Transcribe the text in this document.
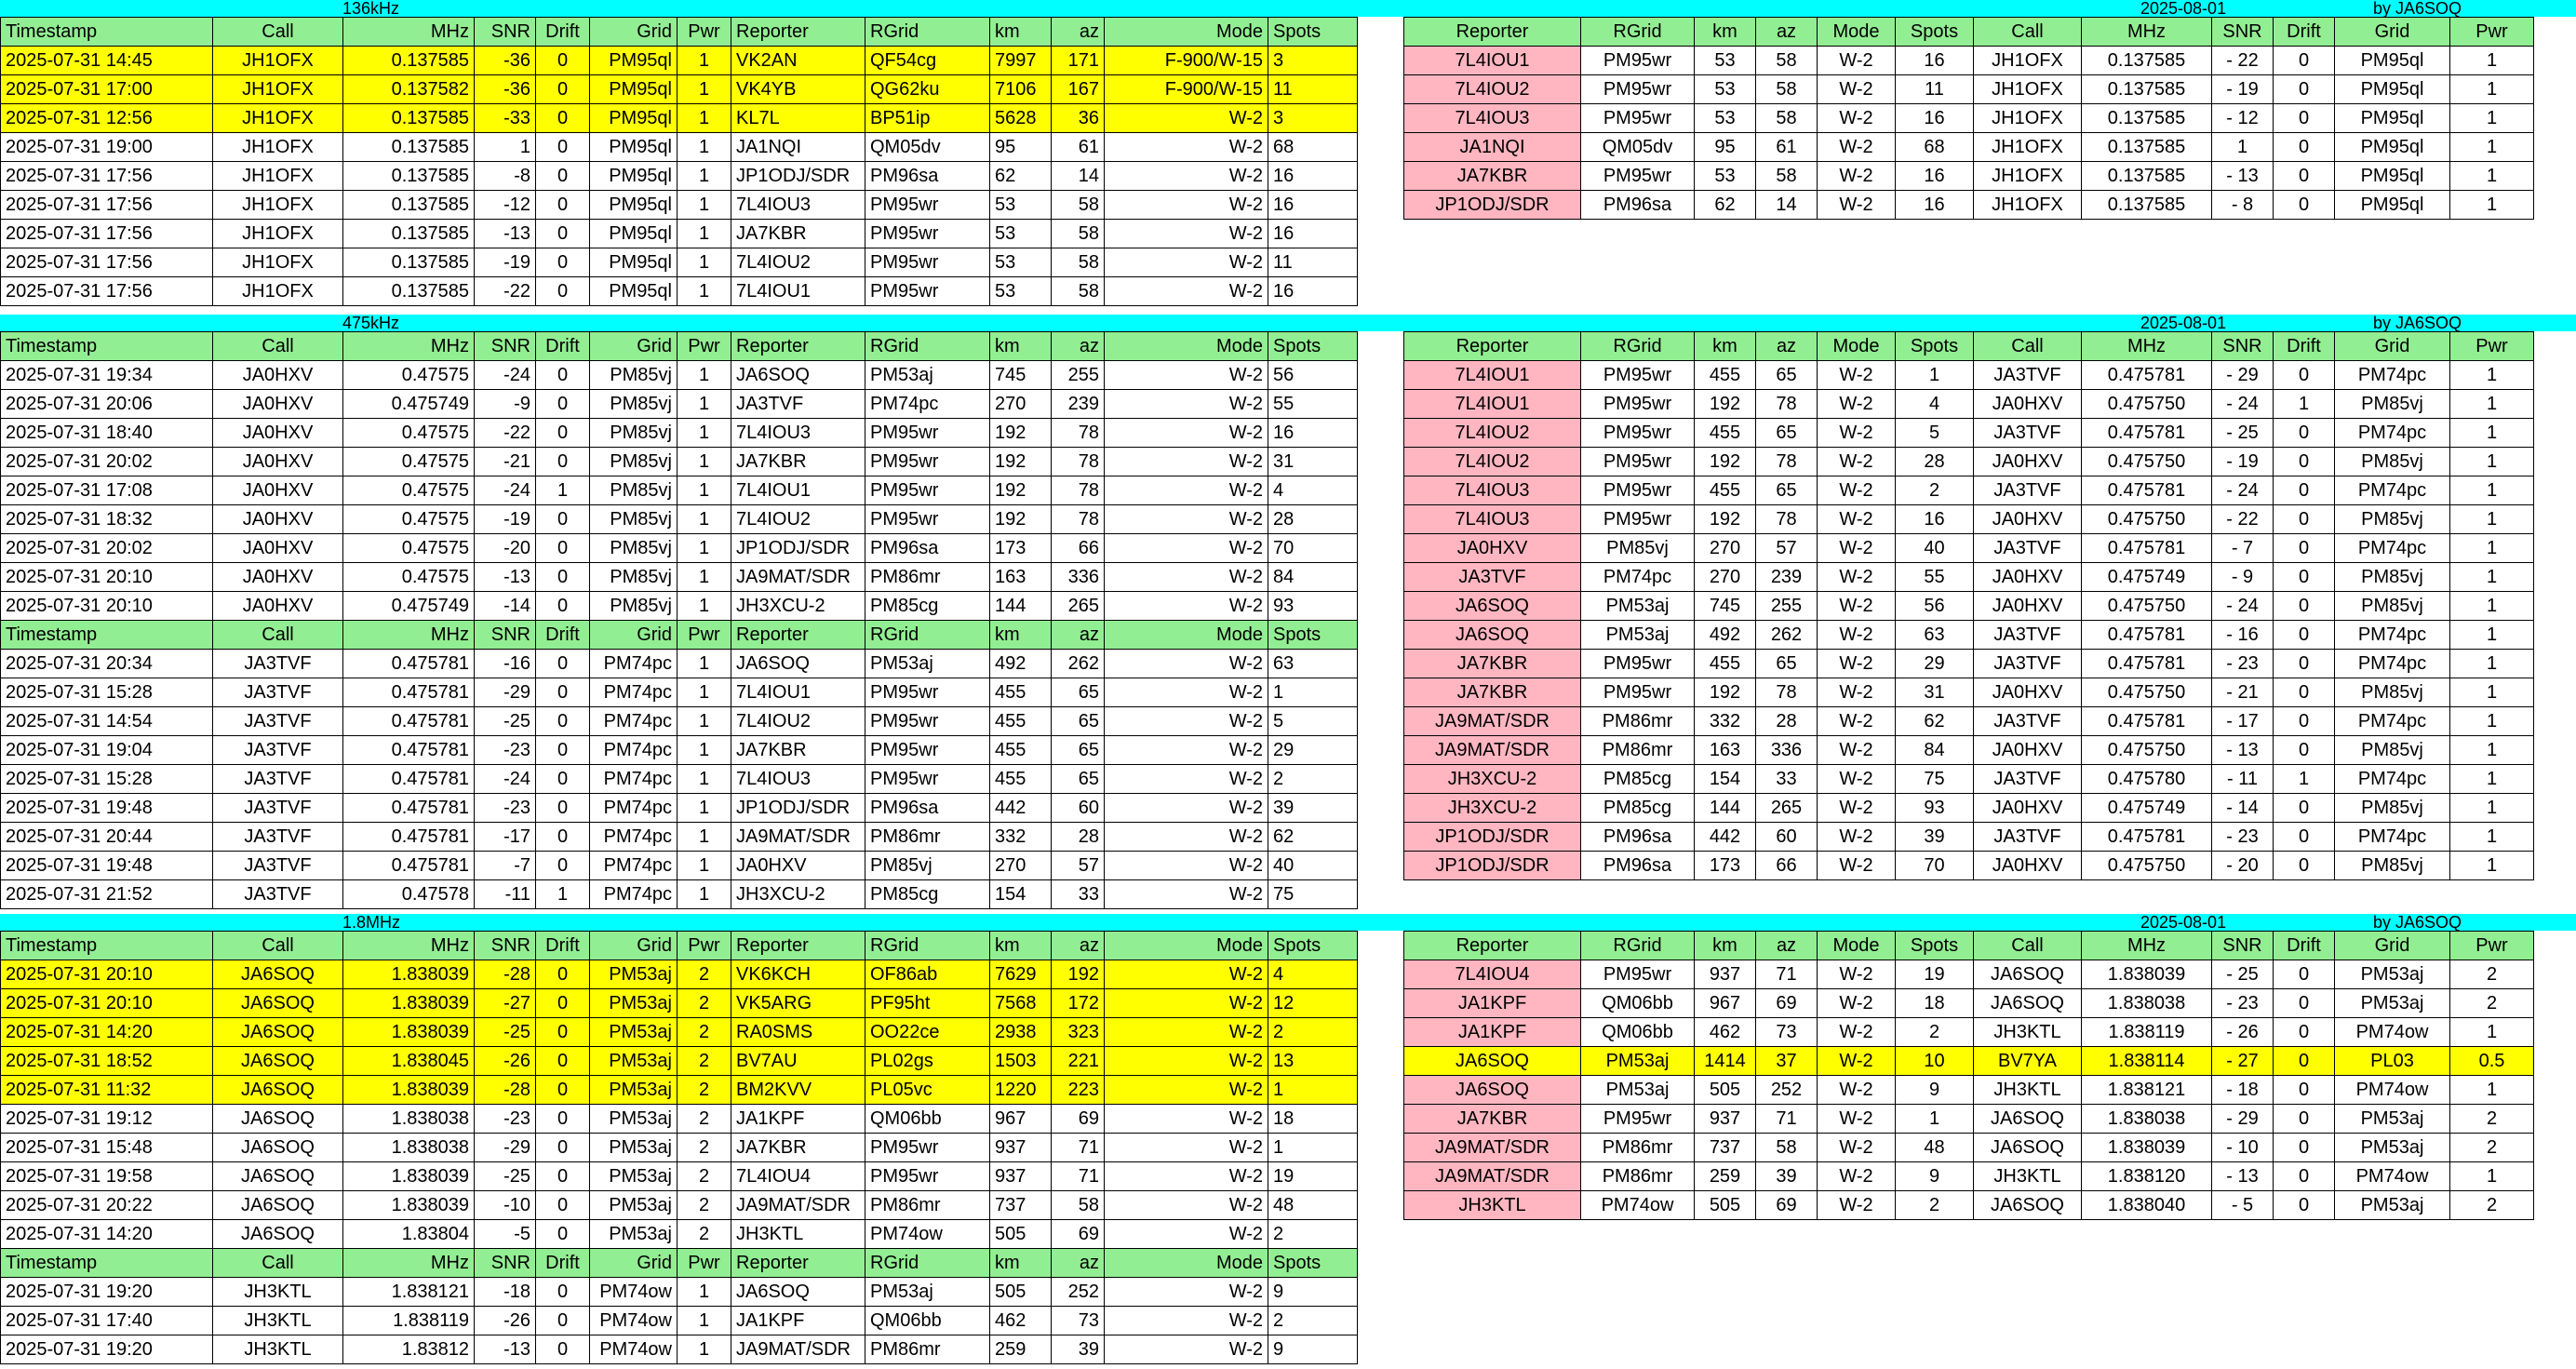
136kHz	2025-08-01	by JA6SOQ
Timestamp	Call	MHz	SNR	Drift	Grid	Pwr	Reporter	RGrid	km	az	Mode	Spots
2025-07-31 14:45	JH1OFX	0.137585	-36	0	PM95ql	1	VK2AN	QF54cg	7997	171	F-900/W-15	3
2025-07-31 17:00	JH1OFX	0.137582	-36	0	PM95ql	1	VK4YB	QG62ku	7106	167	F-900/W-15	11
2025-07-31 12:56	JH1OFX	0.137585	-33	0	PM95ql	1	KL7L	BP51ip	5628	36	W-2	3
2025-07-31 19:00	JH1OFX	0.137585	1	0	PM95ql	1	JA1NQI	QM05dv	95	61	W-2	68
2025-07-31 17:56	JH1OFX	0.137585	-8	0	PM95ql	1	JP1ODJ/SDR	PM96sa	62	14	W-2	16
2025-07-31 17:56	JH1OFX	0.137585	-12	0	PM95ql	1	7L4IOU3	PM95wr	53	58	W-2	16
2025-07-31 17:56	JH1OFX	0.137585	-13	0	PM95ql	1	JA7KBR	PM95wr	53	58	W-2	16
2025-07-31 17:56	JH1OFX	0.137585	-19	0	PM95ql	1	7L4IOU2	PM95wr	53	58	W-2	11
2025-07-31 17:56	JH1OFX	0.137585	-22	0	PM95ql	1	7L4IOU1	PM95wr	53	58	W-2	16
Reporter	RGrid	km	az	Mode	Spots	Call	MHz	SNR	Drift	Grid	Pwr
7L4IOU1	PM95wr	53	58	W-2	16	JH1OFX	0.137585	- 22	0	PM95ql	1
7L4IOU2	PM95wr	53	58	W-2	11	JH1OFX	0.137585	- 19	0	PM95ql	1
7L4IOU3	PM95wr	53	58	W-2	16	JH1OFX	0.137585	- 12	0	PM95ql	1
JA1NQI	QM05dv	95	61	W-2	68	JH1OFX	0.137585	1	0	PM95ql	1
JA7KBR	PM95wr	53	58	W-2	16	JH1OFX	0.137585	- 13	0	PM95ql	1
JP1ODJ/SDR	PM96sa	62	14	W-2	16	JH1OFX	0.137585	- 8	0	PM95ql	1
475kHz	2025-08-01	by JA6SOQ
Timestamp	Call	MHz	SNR	Drift	Grid	Pwr	Reporter	RGrid	km	az	Mode	Spots
2025-07-31 19:34	JA0HXV	0.47575	-24	0	PM85vj	1	JA6SOQ	PM53aj	745	255	W-2	56
2025-07-31 20:06	JA0HXV	0.475749	-9	0	PM85vj	1	JA3TVF	PM74pc	270	239	W-2	55
2025-07-31 18:40	JA0HXV	0.47575	-22	0	PM85vj	1	7L4IOU3	PM95wr	192	78	W-2	16
2025-07-31 20:02	JA0HXV	0.47575	-21	0	PM85vj	1	JA7KBR	PM95wr	192	78	W-2	31
2025-07-31 17:08	JA0HXV	0.47575	-24	1	PM85vj	1	7L4IOU1	PM95wr	192	78	W-2	4
2025-07-31 18:32	JA0HXV	0.47575	-19	0	PM85vj	1	7L4IOU2	PM95wr	192	78	W-2	28
2025-07-31 20:02	JA0HXV	0.47575	-20	0	PM85vj	1	JP1ODJ/SDR	PM96sa	173	66	W-2	70
2025-07-31 20:10	JA0HXV	0.47575	-13	0	PM85vj	1	JA9MAT/SDR	PM86mr	163	336	W-2	84
2025-07-31 20:10	JA0HXV	0.475749	-14	0	PM85vj	1	JH3XCU-2	PM85cg	144	265	W-2	93
Timestamp	Call	MHz	SNR	Drift	Grid	Pwr	Reporter	RGrid	km	az	Mode	Spots
2025-07-31 20:34	JA3TVF	0.475781	-16	0	PM74pc	1	JA6SOQ	PM53aj	492	262	W-2	63
2025-07-31 15:28	JA3TVF	0.475781	-29	0	PM74pc	1	7L4IOU1	PM95wr	455	65	W-2	1
2025-07-31 14:54	JA3TVF	0.475781	-25	0	PM74pc	1	7L4IOU2	PM95wr	455	65	W-2	5
2025-07-31 19:04	JA3TVF	0.475781	-23	0	PM74pc	1	JA7KBR	PM95wr	455	65	W-2	29
2025-07-31 15:28	JA3TVF	0.475781	-24	0	PM74pc	1	7L4IOU3	PM95wr	455	65	W-2	2
2025-07-31 19:48	JA3TVF	0.475781	-23	0	PM74pc	1	JP1ODJ/SDR	PM96sa	442	60	W-2	39
2025-07-31 20:44	JA3TVF	0.475781	-17	0	PM74pc	1	JA9MAT/SDR	PM86mr	332	28	W-2	62
2025-07-31 19:48	JA3TVF	0.475781	-7	0	PM74pc	1	JA0HXV	PM85vj	270	57	W-2	40
2025-07-31 21:52	JA3TVF	0.47578	-11	1	PM74pc	1	JH3XCU-2	PM85cg	154	33	W-2	75
Reporter	RGrid	km	az	Mode	Spots	Call	MHz	SNR	Drift	Grid	Pwr
7L4IOU1	PM95wr	455	65	W-2	1	JA3TVF	0.475781	- 29	0	PM74pc	1
7L4IOU1	PM95wr	192	78	W-2	4	JA0HXV	0.475750	- 24	1	PM85vj	1
7L4IOU2	PM95wr	455	65	W-2	5	JA3TVF	0.475781	- 25	0	PM74pc	1
7L4IOU2	PM95wr	192	78	W-2	28	JA0HXV	0.475750	- 19	0	PM85vj	1
7L4IOU3	PM95wr	455	65	W-2	2	JA3TVF	0.475781	- 24	0	PM74pc	1
7L4IOU3	PM95wr	192	78	W-2	16	JA0HXV	0.475750	- 22	0	PM85vj	1
JA0HXV	PM85vj	270	57	W-2	40	JA3TVF	0.475781	- 7	0	PM74pc	1
JA3TVF	PM74pc	270	239	W-2	55	JA0HXV	0.475749	- 9	0	PM85vj	1
JA6SOQ	PM53aj	745	255	W-2	56	JA0HXV	0.475750	- 24	0	PM85vj	1
JA6SOQ	PM53aj	492	262	W-2	63	JA3TVF	0.475781	- 16	0	PM74pc	1
JA7KBR	PM95wr	455	65	W-2	29	JA3TVF	0.475781	- 23	0	PM74pc	1
JA7KBR	PM95wr	192	78	W-2	31	JA0HXV	0.475750	- 21	0	PM85vj	1
JA9MAT/SDR	PM86mr	332	28	W-2	62	JA3TVF	0.475781	- 17	0	PM74pc	1
JA9MAT/SDR	PM86mr	163	336	W-2	84	JA0HXV	0.475750	- 13	0	PM85vj	1
JH3XCU-2	PM85cg	154	33	W-2	75	JA3TVF	0.475780	- 11	1	PM74pc	1
JH3XCU-2	PM85cg	144	265	W-2	93	JA0HXV	0.475749	- 14	0	PM85vj	1
JP1ODJ/SDR	PM96sa	442	60	W-2	39	JA3TVF	0.475781	- 23	0	PM74pc	1
JP1ODJ/SDR	PM96sa	173	66	W-2	70	JA0HXV	0.475750	- 20	0	PM85vj	1
1.8MHz	2025-08-01	by JA6SOQ
Timestamp	Call	MHz	SNR	Drift	Grid	Pwr	Reporter	RGrid	km	az	Mode	Spots
2025-07-31 20:10	JA6SOQ	1.838039	-28	0	PM53aj	2	VK6KCH	OF86ab	7629	192	W-2	4
2025-07-31 20:10	JA6SOQ	1.838039	-27	0	PM53aj	2	VK5ARG	PF95ht	7568	172	W-2	12
2025-07-31 14:20	JA6SOQ	1.838039	-25	0	PM53aj	2	RA0SMS	OO22ce	2938	323	W-2	2
2025-07-31 18:52	JA6SOQ	1.838045	-26	0	PM53aj	2	BV7AU	PL02gs	1503	221	W-2	13
2025-07-31 11:32	JA6SOQ	1.838039	-28	0	PM53aj	2	BM2KVV	PL05vc	1220	223	W-2	1
2025-07-31 19:12	JA6SOQ	1.838038	-23	0	PM53aj	2	JA1KPF	QM06bb	967	69	W-2	18
2025-07-31 15:48	JA6SOQ	1.838038	-29	0	PM53aj	2	JA7KBR	PM95wr	937	71	W-2	1
2025-07-31 19:58	JA6SOQ	1.838039	-25	0	PM53aj	2	7L4IOU4	PM95wr	937	71	W-2	19
2025-07-31 20:22	JA6SOQ	1.838039	-10	0	PM53aj	2	JA9MAT/SDR	PM86mr	737	58	W-2	48
2025-07-31 14:20	JA6SOQ	1.83804	-5	0	PM53aj	2	JH3KTL	PM74ow	505	69	W-2	2
Timestamp	Call	MHz	SNR	Drift	Grid	Pwr	Reporter	RGrid	km	az	Mode	Spots
2025-07-31 19:20	JH3KTL	1.838121	-18	0	PM74ow	1	JA6SOQ	PM53aj	505	252	W-2	9
2025-07-31 17:40	JH3KTL	1.838119	-26	0	PM74ow	1	JA1KPF	QM06bb	462	73	W-2	2
2025-07-31 19:20	JH3KTL	1.83812	-13	0	PM74ow	1	JA9MAT/SDR	PM86mr	259	39	W-2	9
Reporter	RGrid	km	az	Mode	Spots	Call	MHz	SNR	Drift	Grid	Pwr
7L4IOU4	PM95wr	937	71	W-2	19	JA6SOQ	1.838039	- 25	0	PM53aj	2
JA1KPF	QM06bb	967	69	W-2	18	JA6SOQ	1.838038	- 23	0	PM53aj	2
JA1KPF	QM06bb	462	73	W-2	2	JH3KTL	1.838119	- 26	0	PM74ow	1
JA6SOQ	PM53aj	1414	37	W-2	10	BV7YA	1.838114	- 27	0	PL03	0.5
JA6SOQ	PM53aj	505	252	W-2	9	JH3KTL	1.838121	- 18	0	PM74ow	1
JA7KBR	PM95wr	937	71	W-2	1	JA6SOQ	1.838038	- 29	0	PM53aj	2
JA9MAT/SDR	PM86mr	737	58	W-2	48	JA6SOQ	1.838039	- 10	0	PM53aj	2
JA9MAT/SDR	PM86mr	259	39	W-2	9	JH3KTL	1.838120	- 13	0	PM74ow	1
JH3KTL	PM74ow	505	69	W-2	2	JA6SOQ	1.838040	- 5	0	PM53aj	2
